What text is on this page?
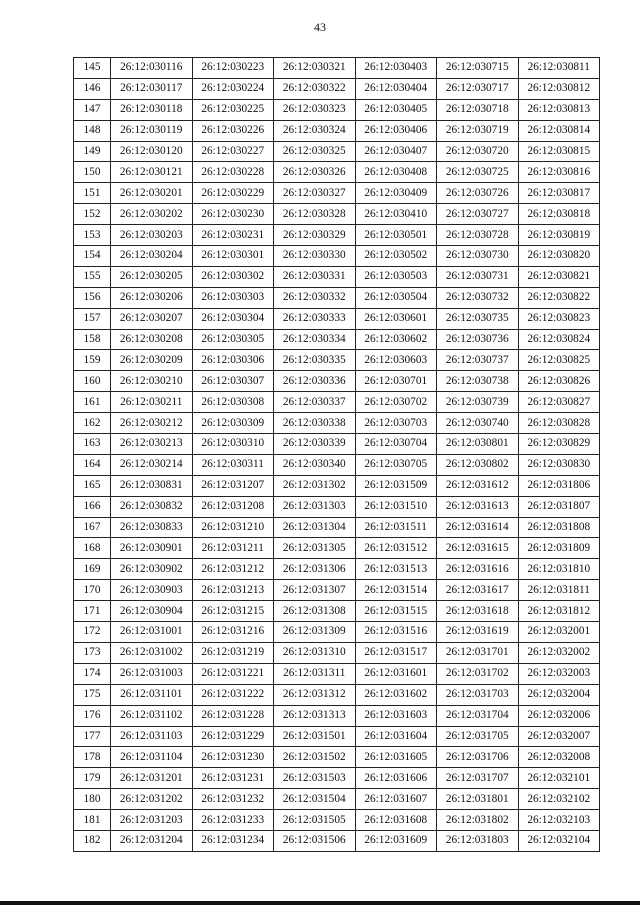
43
145	26:12:030116	26:12:030223	26:12:030321	26:12:030403	26:12:030715	26:12:030811
146	26:12:030117	26:12:030224	26:12:030322	26:12:030404	26:12:030717	26:12:030812
147	26:12:030118	26:12:030225	26:12:030323	26:12:030405	26:12:030718	26:12:030813
148	26:12:030119	26:12:030226	26:12:030324	26:12:030406	26:12:030719	26:12:030814
149	26:12:030120	26:12:030227	26:12:030325	26:12:030407	26:12:030720	26:12:030815
150	26:12:030121	26:12:030228	26:12:030326	26:12:030408	26:12:030725	26:12:030816
151	26:12:030201	26:12:030229	26:12:030327	26:12:030409	26:12:030726	26:12:030817
152	26:12:030202	26:12:030230	26:12:030328	26:12:030410	26:12:030727	26:12:030818
153	26:12:030203	26:12:030231	26:12:030329	26:12:030501	26:12:030728	26:12:030819
154	26:12:030204	26:12:030301	26:12:030330	26:12:030502	26:12:030730	26:12:030820
155	26:12:030205	26:12:030302	26:12:030331	26:12:030503	26:12:030731	26:12:030821
156	26:12:030206	26:12:030303	26:12:030332	26:12:030504	26:12:030732	26:12:030822
157	26:12:030207	26:12:030304	26:12:030333	26:12:030601	26:12:030735	26:12:030823
158	26:12:030208	26:12:030305	26:12:030334	26:12:030602	26:12:030736	26:12:030824
159	26:12:030209	26:12:030306	26:12:030335	26:12:030603	26:12:030737	26:12:030825
160	26:12:030210	26:12:030307	26:12:030336	26:12:030701	26:12:030738	26:12:030826
161	26:12:030211	26:12:030308	26:12:030337	26:12:030702	26:12:030739	26:12:030827
162	26:12:030212	26:12:030309	26:12:030338	26:12:030703	26:12:030740	26:12:030828
163	26:12:030213	26:12:030310	26:12:030339	26:12:030704	26:12:030801	26:12:030829
164	26:12:030214	26:12:030311	26:12:030340	26:12:030705	26:12:030802	26:12:030830
165	26:12:030831	26:12:031207	26:12:031302	26:12:031509	26:12:031612	26:12:031806
166	26:12:030832	26:12:031208	26:12:031303	26:12:031510	26:12:031613	26:12:031807
167	26:12:030833	26:12:031210	26:12:031304	26:12:031511	26:12:031614	26:12:031808
168	26:12:030901	26:12:031211	26:12:031305	26:12:031512	26:12:031615	26:12:031809
169	26:12:030902	26:12:031212	26:12:031306	26:12:031513	26:12:031616	26:12:031810
170	26:12:030903	26:12:031213	26:12:031307	26:12:031514	26:12:031617	26:12:031811
171	26:12:030904	26:12:031215	26:12:031308	26:12:031515	26:12:031618	26:12:031812
172	26:12:031001	26:12:031216	26:12:031309	26:12:031516	26:12:031619	26:12:032001
173	26:12:031002	26:12:031219	26:12:031310	26:12:031517	26:12:031701	26:12:032002
174	26:12:031003	26:12:031221	26:12:031311	26:12:031601	26:12:031702	26:12:032003
175	26:12:031101	26:12:031222	26:12:031312	26:12:031602	26:12:031703	26:12:032004
176	26:12:031102	26:12:031228	26:12:031313	26:12:031603	26:12:031704	26:12:032006
177	26:12:031103	26:12:031229	26:12:031501	26:12:031604	26:12:031705	26:12:032007
178	26:12:031104	26:12:031230	26:12:031502	26:12:031605	26:12:031706	26:12:032008
179	26:12:031201	26:12:031231	26:12:031503	26:12:031606	26:12:031707	26:12:032101
180	26:12:031202	26:12:031232	26:12:031504	26:12:031607	26:12:031801	26:12:032102
181	26:12:031203	26:12:031233	26:12:031505	26:12:031608	26:12:031802	26:12:032103
182	26:12:031204	26:12:031234	26:12:031506	26:12:031609	26:12:031803	26:12:032104
